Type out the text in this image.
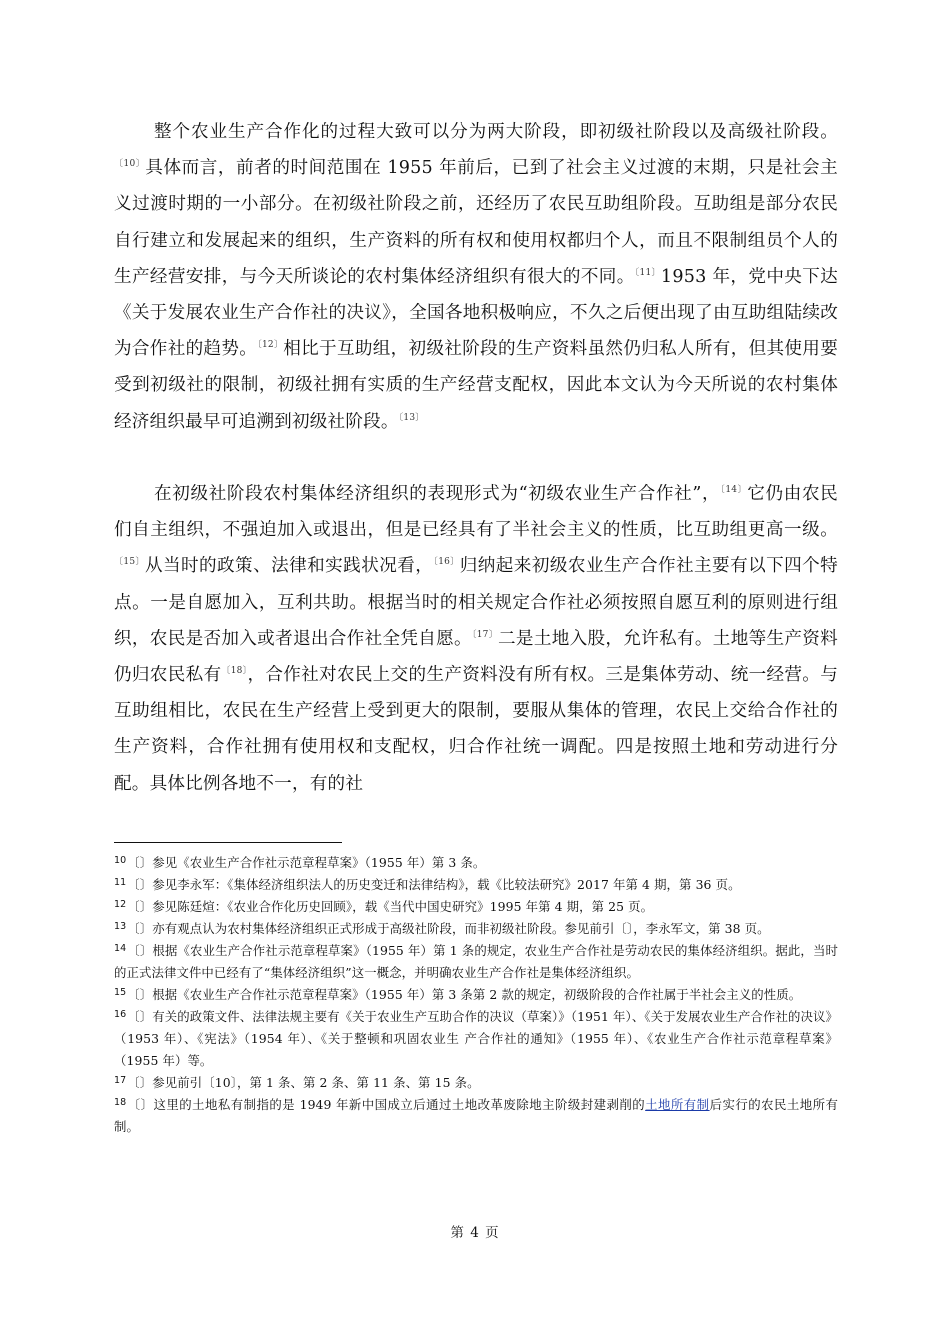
整个农业生产合作化的过程大致可以分为两大阶段，即初级社阶段以及高级社阶段。$^{〔10〕}$具体而言，前者的时间范围在 1955 年前后，已到了社会主义过渡的末期，只是社会主义过渡时期的一小部分。在初级社阶段之前，还经历了农民互助组阶段。互助组是部分农民自行建立和发展起来的组织，生产资料的所有权和使用权都归个人，而且不限制组员个人的生产经营安排，与今天所谈论的农村集体经济组织有很大的不同。$^{〔11〕}$1953 年，党中央下达《关于发展农业生产合作社的决议》，全国各地积极响应，不久之后便出现了由互助组陆续改为合作社的趋势。$^{〔12〕}$相比于互助组，初级社阶段的生产资料虽然仍归私人所有，但其使用要受到初级社的限制，初级社拥有实质的生产经营支配权，因此本文认为今天所说的农村集体经济组织最早可追溯到初级社阶段。$^{〔13〕}$

在初级社阶段农村集体经济组织的表现形式为“初级农业生产合作社”，$^{〔14〕}$它仍由农民们自主组织，不强迫加入或退出，但是已经具有了半社会主义的性质，比互助组更高一级。$^{〔15〕}$从当时的政策、法律和实践状况看，$^{〔16〕}$归纳起来初级农业生产合作社主要有以下四个特点。一是自愿加入，互利共助。根据当时的相关规定合作社必须按照自愿互利的原则进行组织，农民是否加入或者退出合作社全凭自愿。$^{〔17〕}$二是土地入股，允许私有。土地等生产资料仍归农民私有$^{〔18〕}$，合作社对农民上交的生产资料没有所有权。三是集体劳动、统一经营。与互助组相比，农民在生产经营上受到更大的限制，要服从集体的管理，农民上交给合作社的生产资料，合作社拥有使用权和支配权，归合作社统一调配。四是按照土地和劳动进行分配。具体比例各地不一，有的社

$^{10}$〔〕参见《农业生产合作社示范章程草案》（1955 年）第 3 条。
$^{11}$〔〕参见李永军：《集体经济组织法人的历史变迁和法律结构》，载《比较法研究》2017 年第 4 期，第 36 页。
$^{12}$〔〕参见陈廷煊：《农业合作化历史回顾》，载《当代中国史研究》1995 年第 4 期，第 25 页。
$^{13}$〔〕亦有观点认为农村集体经济组织正式形成于高级社阶段，而非初级社阶段。参见前引〔〕，李永军文，第 38 页。
$^{14}$〔〕根据《农业生产合作社示范章程草案》（1955 年）第 1 条的规定，农业生产合作社是劳动农民的集体经济组织。据此，当时的正式法律文件中已经有了“集体经济组织”这一概念，并明确农业生产合作社是集体经济组织。
$^{15}$〔〕根据《农业生产合作社示范章程草案》（1955 年）第 3 条第 2 款的规定，初级阶段的合作社属于半社会主义的性质。
$^{16}$〔〕有关的政策文件、法律法规主要有《关于农业生产互助合作的决议（草案）》（1951 年）、《关于发展农业生产合作社的决议》（1953 年）、《宪法》（1954 年）、《关于整顿和巩固农业生 产合作社的通知》（1955 年）、《农业生产合作社示范章程草案》（1955 年）等。
$^{17}$〔〕参见前引〔10〕，第 1 条、第 2 条、第 11 条、第 15 条。
$^{18}$〔〕这里的土地私有制指的是 1949 年新中国成立后通过土地改革废除地主阶级封建剥削的土地所有制后实行的农民土地所有制。
第 4 页
